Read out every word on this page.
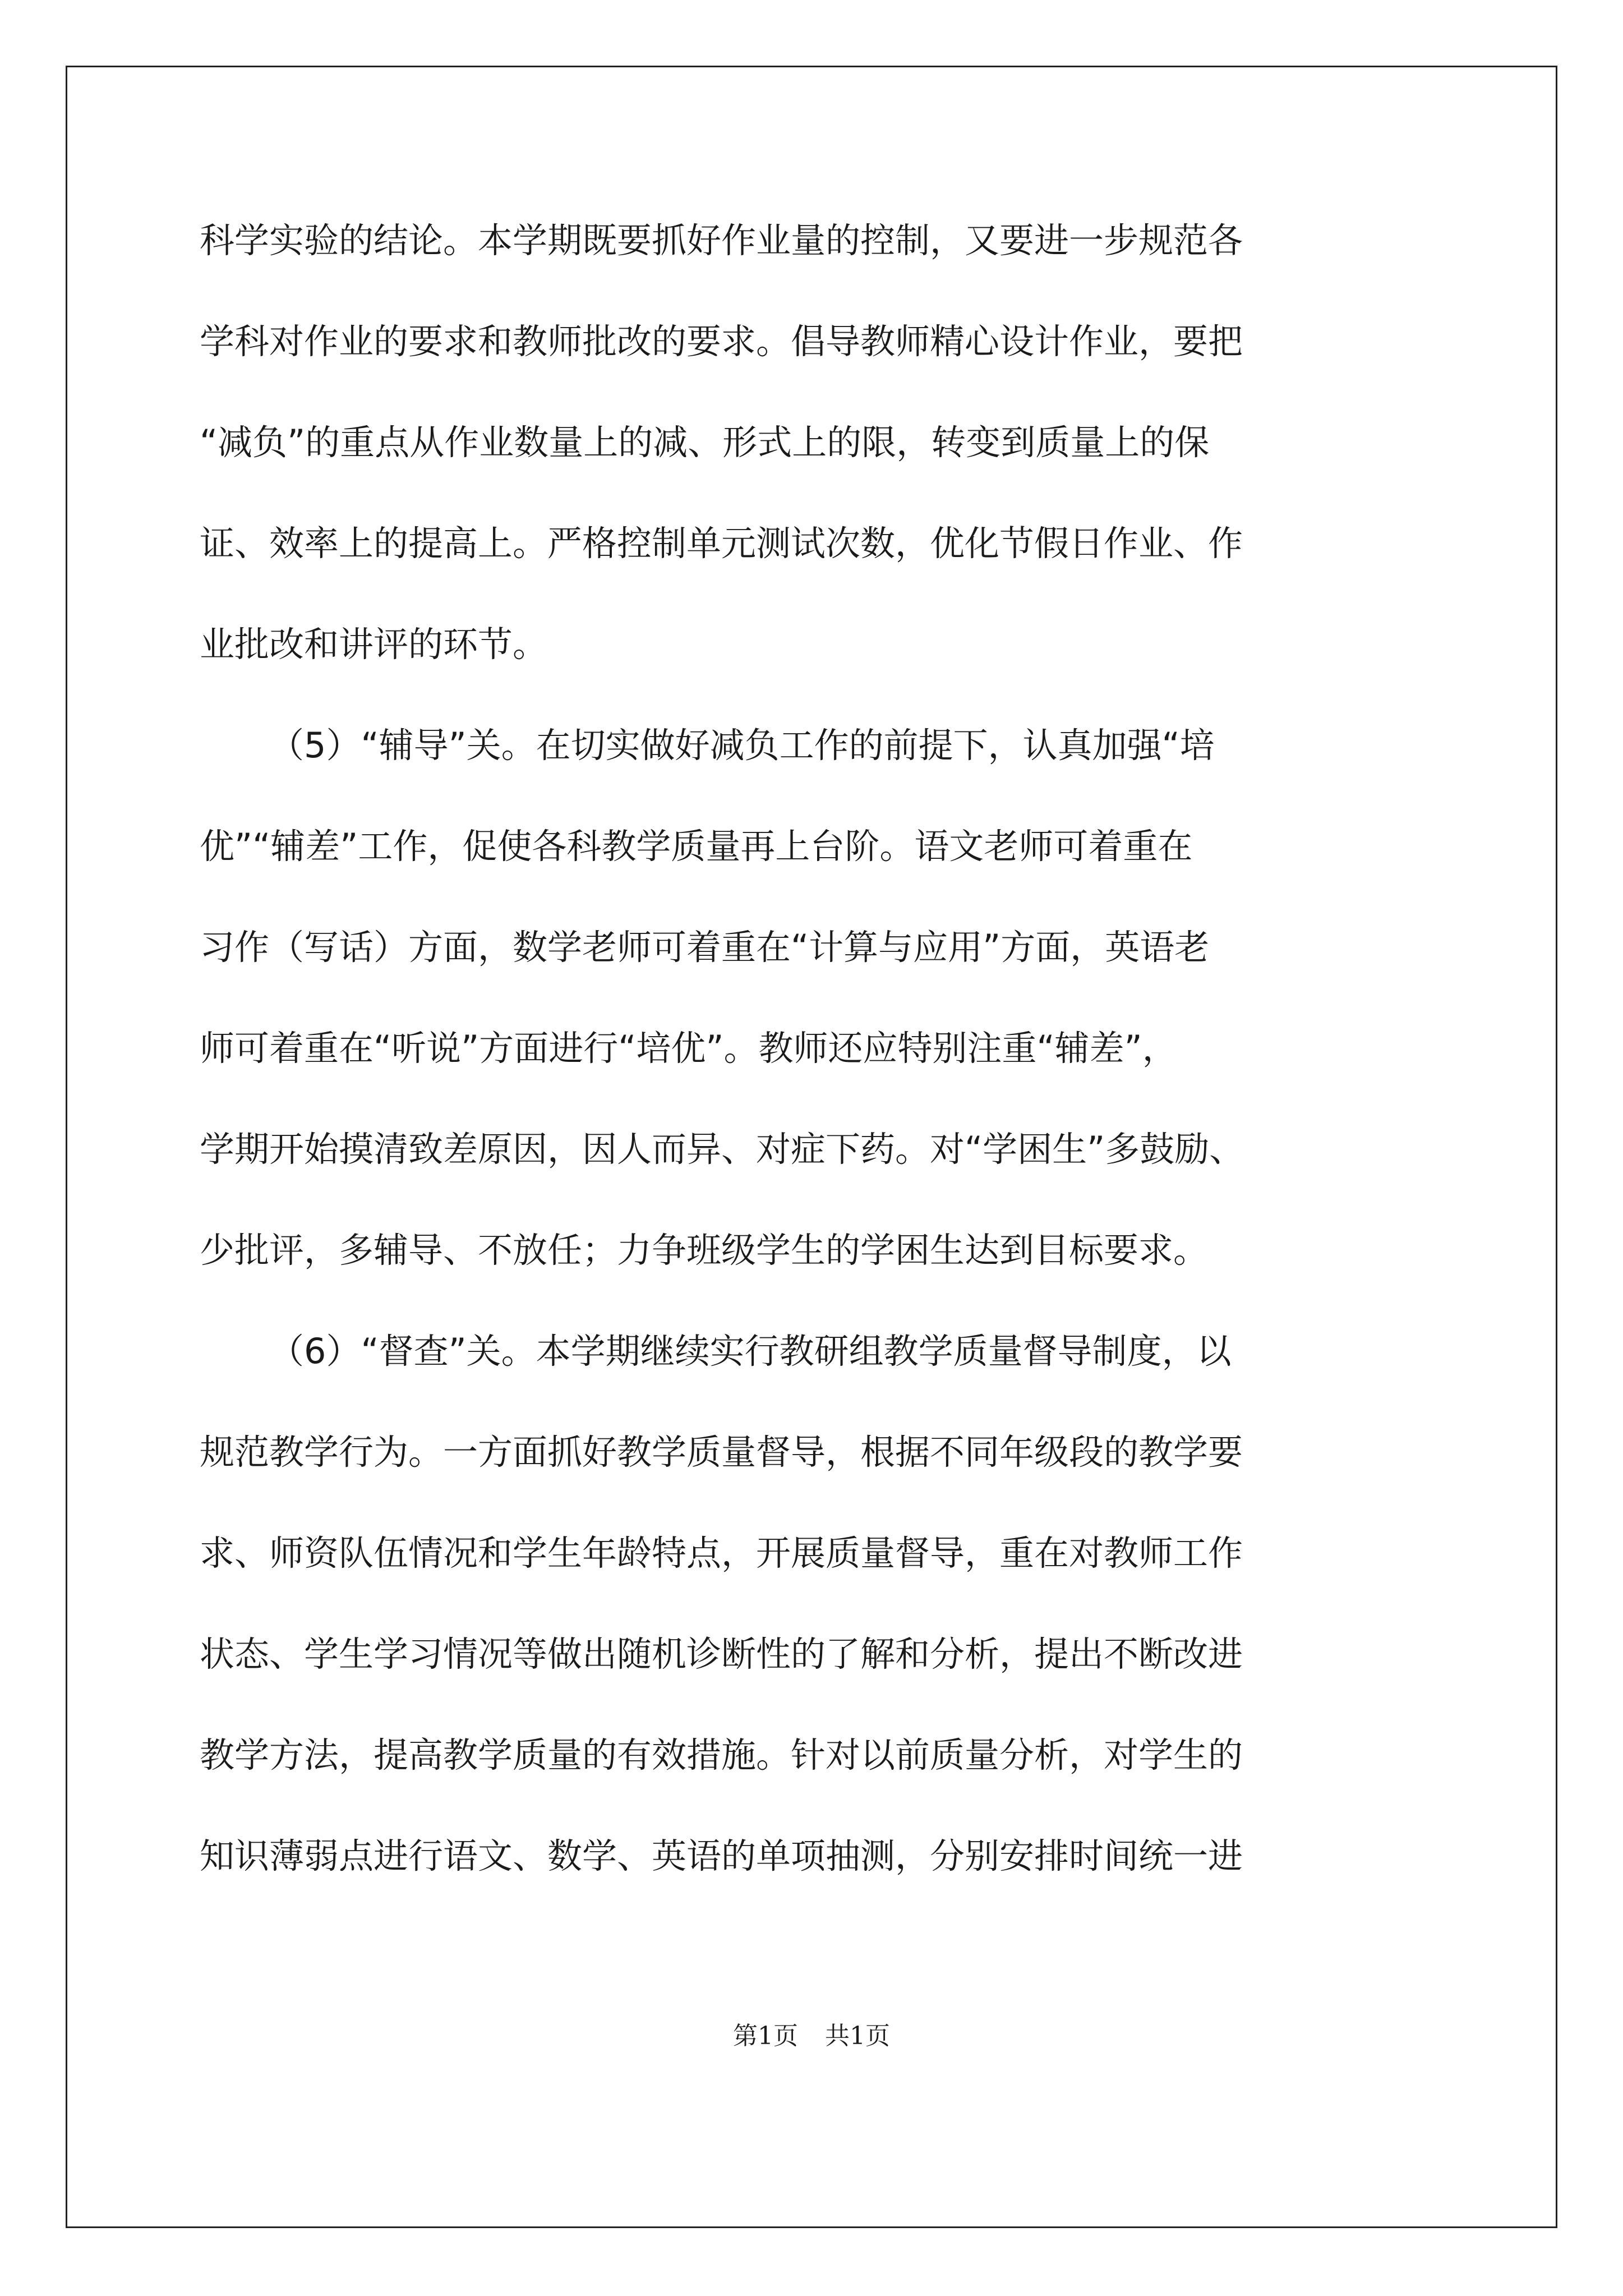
科学实验的结论。本学期既要抓好作业量的控制，又要进一步规范各
学科对作业的要求和教师批改的要求。倡导教师精心设计作业，要把
“减负”的重点从作业数量上的减、形式上的限，转变到质量上的保
证、效率上的提高上。严格控制单元测试次数，优化节假日作业、作
业批改和讲评的环节。
（5）“辅导”关。在切实做好减负工作的前提下，认真加强“培
优”“辅差”工作，促使各科教学质量再上台阶。语文老师可着重在
习作（写话）方面，数学老师可着重在“计算与应用”方面，英语老
师可着重在“听说”方面进行“培优”。教师还应特别注重“辅差”，
学期开始摸清致差原因，因人而异、对症下药。对“学困生”多鼓励、
少批评，多辅导、不放任；力争班级学生的学困生达到目标要求。
（6）“督查”关。本学期继续实行教研组教学质量督导制度，以
规范教学行为。一方面抓好教学质量督导，根据不同年级段的教学要
求、师资队伍情况和学生年龄特点，开展质量督导，重在对教师工作
状态、学生学习情况等做出随机诊断性的了解和分析，提出不断改进
教学方法，提高教学质量的有效措施。针对以前质量分析，对学生的
知识薄弱点进行语文、数学、英语的单项抽测，分别安排时间统一进
第1页 共1页
